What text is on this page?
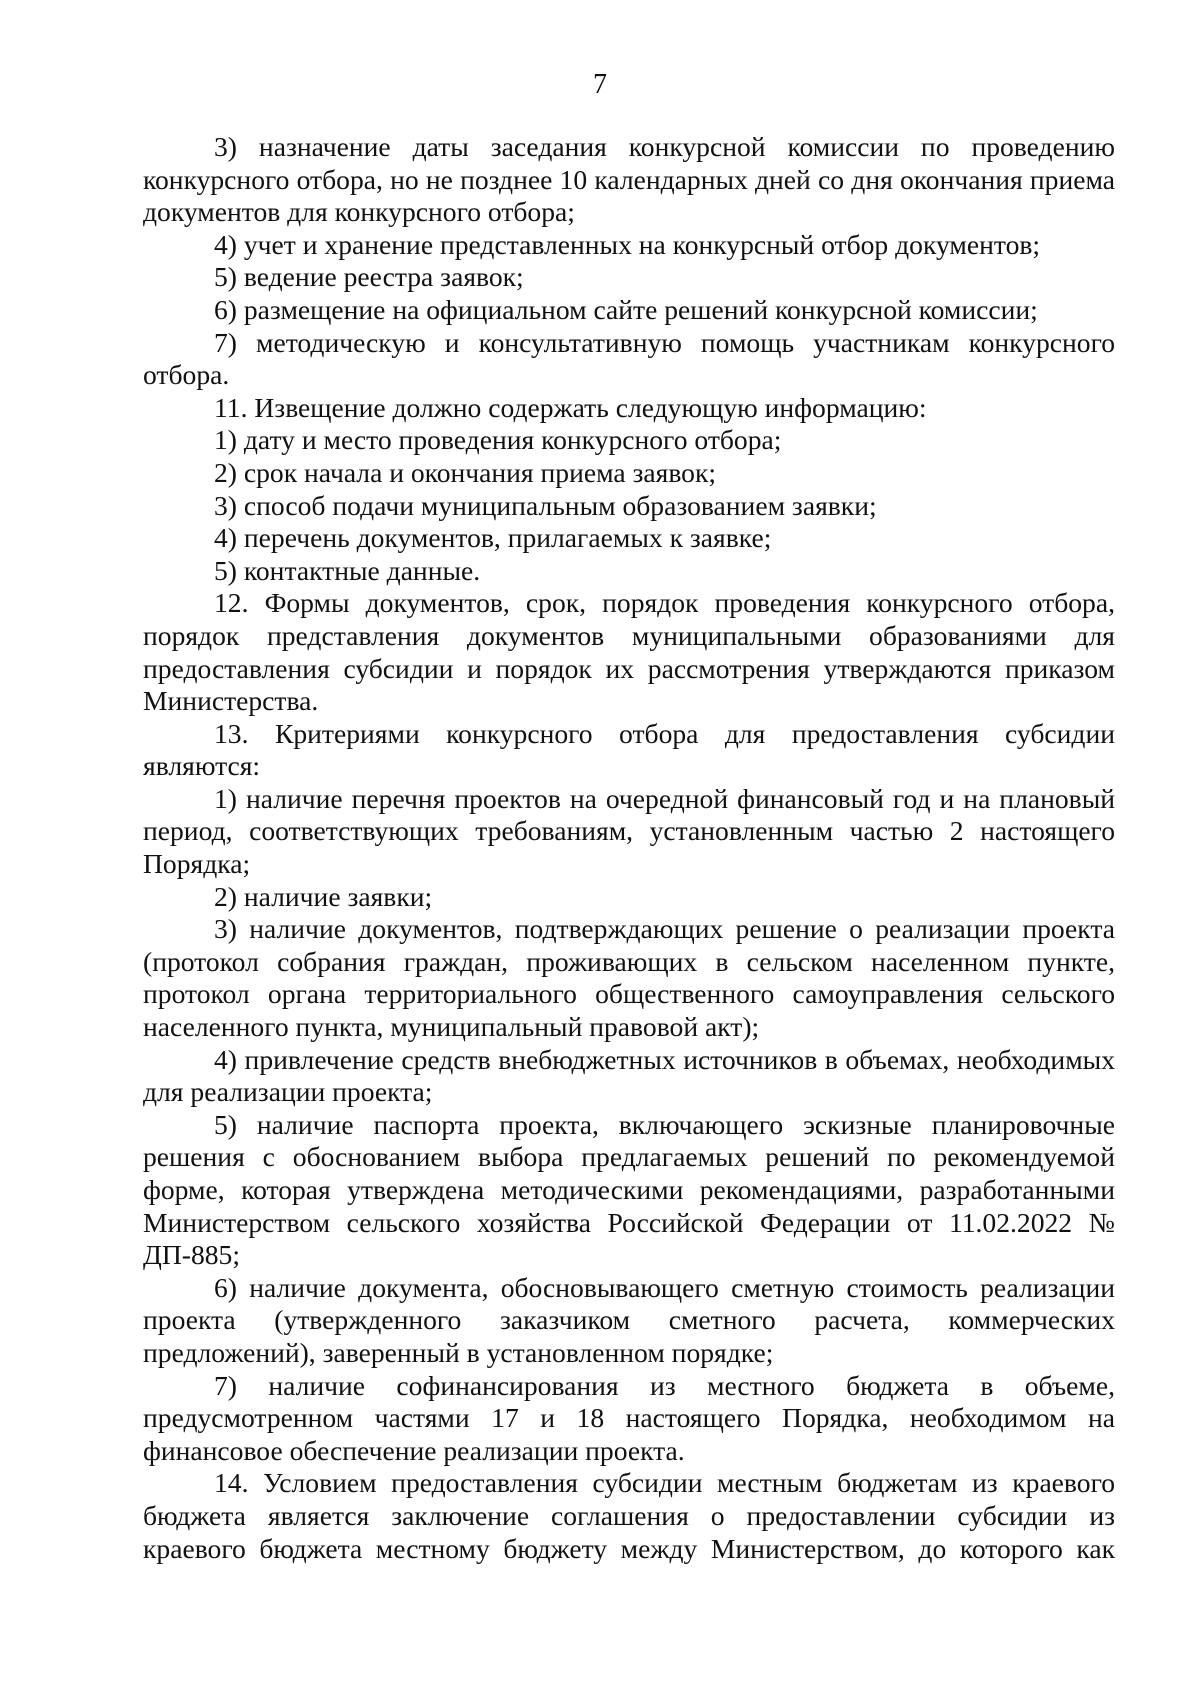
7

3) назначение даты заседания конкурсной комиссии по проведению конкурсного отбора, но не позднее 10 календарных дней со дня окончания приема документов для конкурсного отбора;

4) учет и хранение представленных на конкурсный отбор документов;

5) ведение реестра заявок;

6) размещение на официальном сайте решений конкурсной комиссии;

7) методическую и консультативную помощь участникам конкурсного отбора.

11. Извещение должно содержать следующую информацию:

1) дату и место проведения конкурсного отбора;

2) срок начала и окончания приема заявок;

3) способ подачи муниципальным образованием заявки;

4) перечень документов, прилагаемых к заявке;

5) контактные данные.

12. Формы документов, срок, порядок проведения конкурсного отбора, порядок представления документов муниципальными образованиями для предоставления субсидии и порядок их рассмотрения утверждаются приказом Министерства.

13. Критериями конкурсного отбора для предоставления субсидии являются:

1) наличие перечня проектов на очередной финансовый год и на плановый период, соответствующих требованиям, установленным частью 2 настоящего Порядка;

2) наличие заявки;

3) наличие документов, подтверждающих решение о реализации проекта (протокол собрания граждан, проживающих в сельском населенном пункте, протокол органа территориального общественного самоуправления сельского населенного пункта, муниципальный правовой акт);

4) привлечение средств внебюджетных источников в объемах, необходимых для реализации проекта;

5) наличие паспорта проекта, включающего эскизные планировочные решения с обоснованием выбора предлагаемых решений по рекомендуемой форме, которая утверждена методическими рекомендациями, разработанными Министерством сельского хозяйства Российской Федерации от 11.02.2022 № ДП-885;

6) наличие документа, обосновывающего сметную стоимость реализации проекта (утвержденного заказчиком сметного расчета, коммерческих предложений), заверенный в установленном порядке;

7) наличие софинансирования из местного бюджета в объеме, предусмотренном частями 17 и 18 настоящего Порядка, необходимом на финансовое обеспечение реализации проекта.

14. Условием предоставления субсидии местным бюджетам из краевого бюджета является заключение соглашения о предоставлении субсидии из краевого бюджета местному бюджету между Министерством, до которого как
